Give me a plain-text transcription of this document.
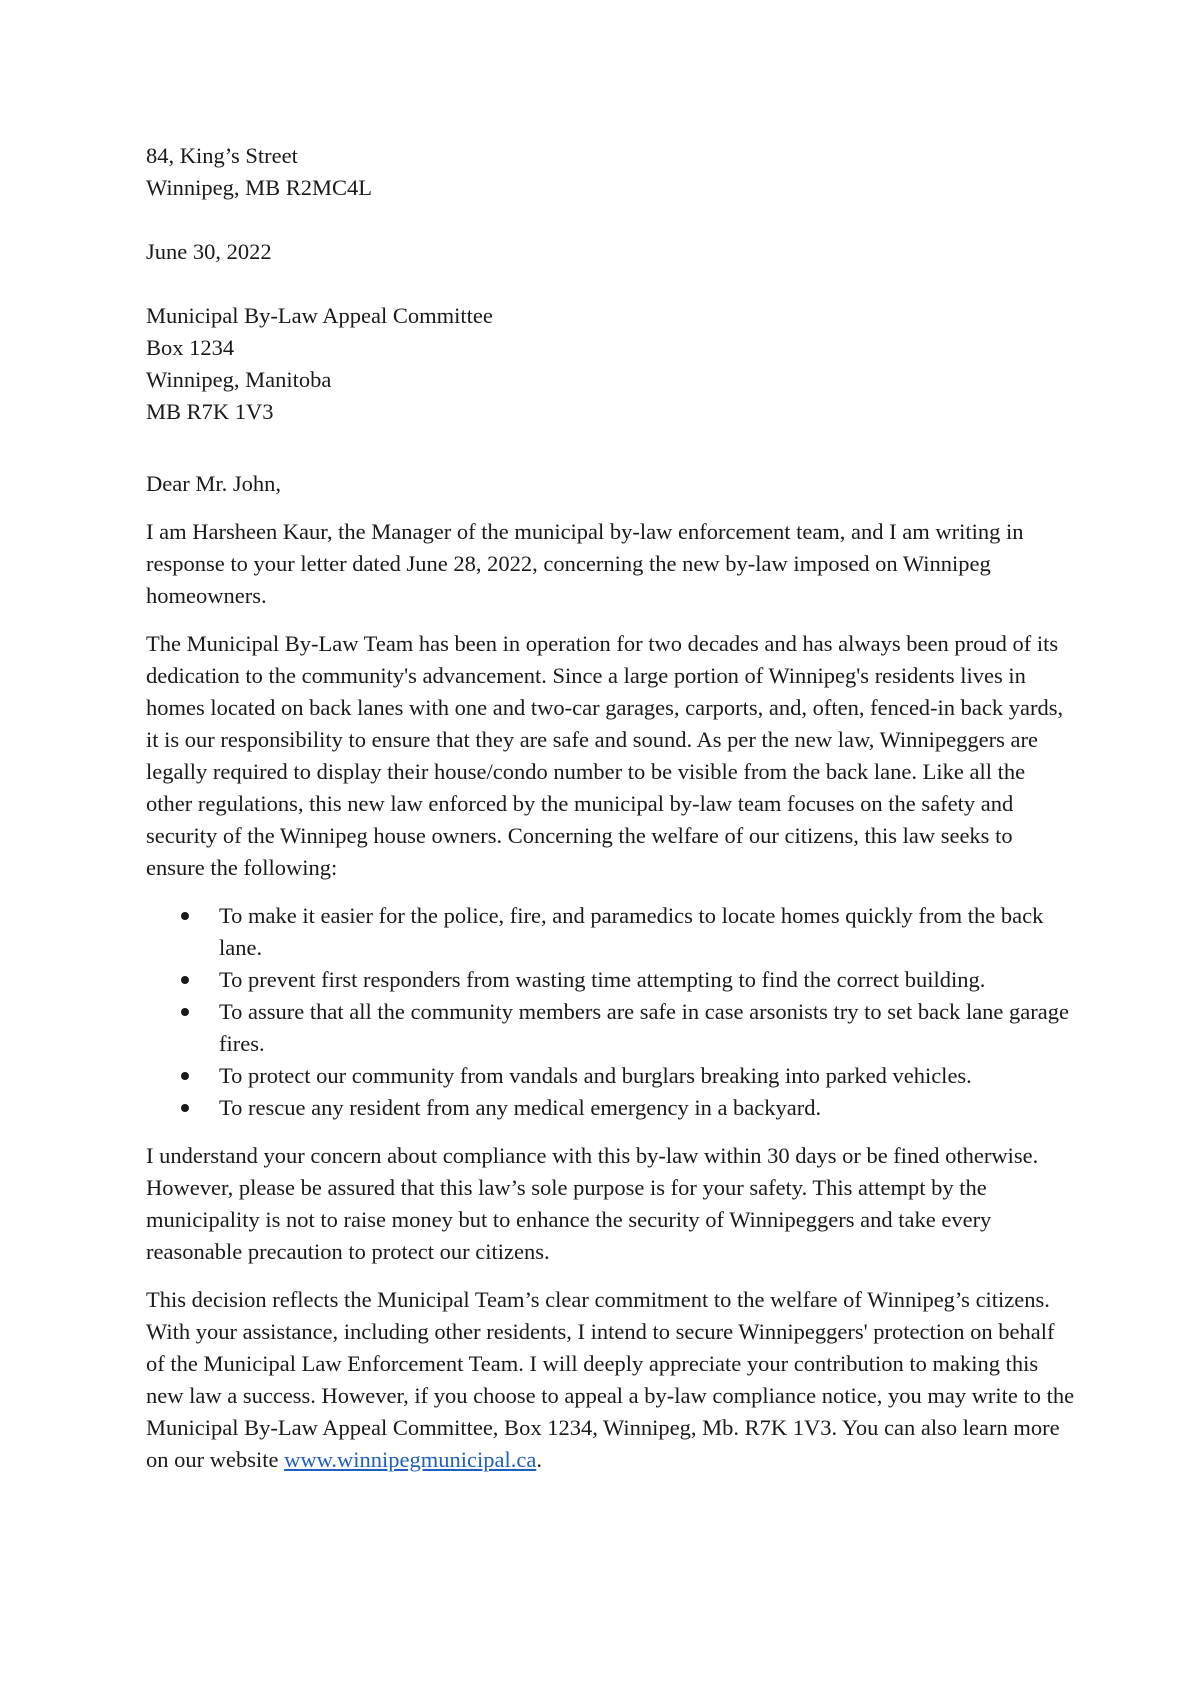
84, King’s Street
Winnipeg, MB R2MC4L
June 30, 2022
Municipal By-Law Appeal Committee
Box 1234
Winnipeg, Manitoba
MB R7K 1V3
Dear Mr. John,

I am Harsheen Kaur, the Manager of the municipal by-law enforcement team, and I am writing in response to your letter dated June 28, 2022, concerning the new by-law imposed on Winnipeg homeowners.

The Municipal By-Law Team has been in operation for two decades and has always been proud of its dedication to the community's advancement. Since a large portion of Winnipeg's residents lives in homes located on back lanes with one and two-car garages, carports, and, often, fenced-in back yards, it is our responsibility to ensure that they are safe and sound. As per the new law, Winnipeggers are legally required to display their house/condo number to be visible from the back lane. Like all the other regulations, this new law enforced by the municipal by-law team focuses on the safety and security of the Winnipeg house owners. Concerning the welfare of our citizens, this law seeks to ensure the following:

To make it easier for the police, fire, and paramedics to locate homes quickly from the back lane.
To prevent first responders from wasting time attempting to find the correct building.
To assure that all the community members are safe in case arsonists try to set back lane garage fires.
To protect our community from vandals and burglars breaking into parked vehicles.
To rescue any resident from any medical emergency in a backyard.

I understand your concern about compliance with this by-law within 30 days or be fined otherwise. However, please be assured that this law’s sole purpose is for your safety. This attempt by the municipality is not to raise money but to enhance the security of Winnipeggers and take every reasonable precaution to protect our citizens.

This decision reflects the Municipal Team’s clear commitment to the welfare of Winnipeg’s citizens. With your assistance, including other residents, I intend to secure Winnipeggers' protection on behalf of the Municipal Law Enforcement Team. I will deeply appreciate your contribution to making this new law a success. However, if you choose to appeal a by-law compliance notice, you may write to the Municipal By-Law Appeal Committee, Box 1234, Winnipeg, Mb. R7K 1V3. You can also learn more on our website www.winnipegmunicipal.ca.
